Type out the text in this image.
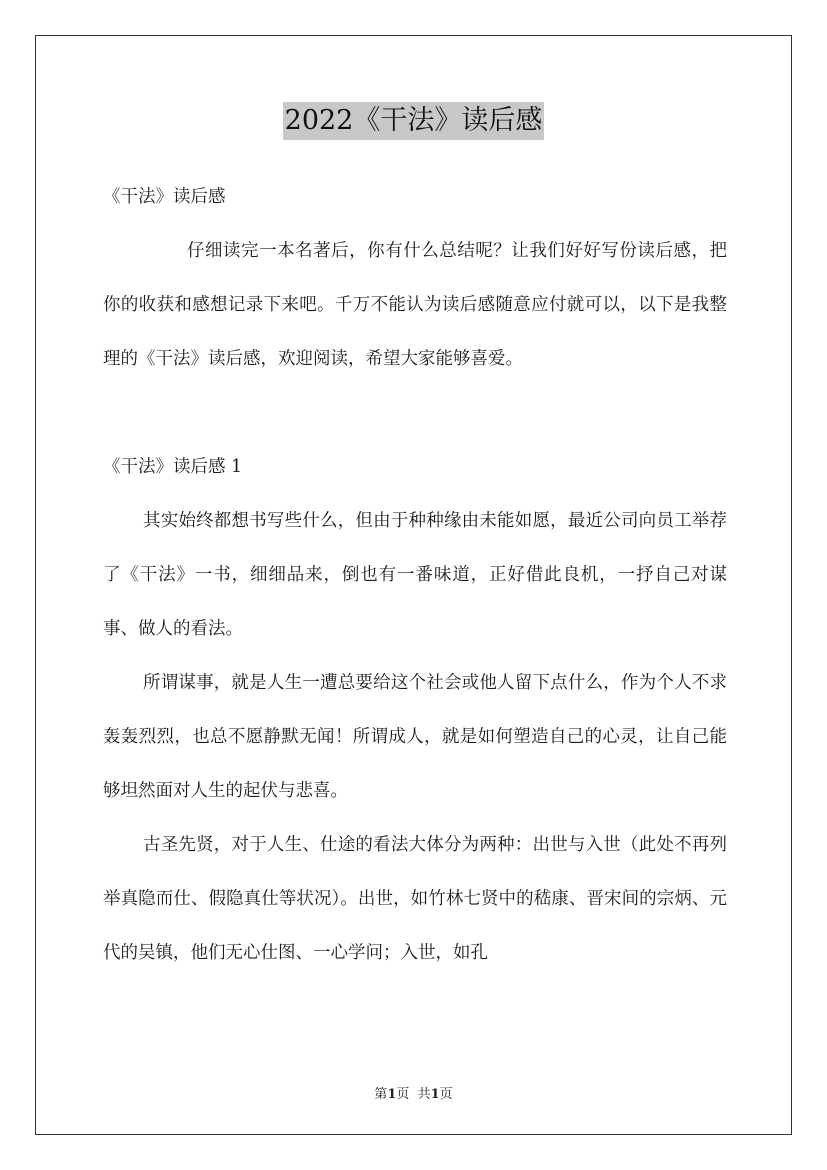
2022《干法》读后感

《干法》读后感

仔细读完一本名著后，你有什么总结呢？让我们好好写份读后感，把你的收获和感想记录下来吧。千万不能认为读后感随意应付就可以，以下是我整理的《干法》读后感，欢迎阅读，希望大家能够喜爱。

《干法》读后感 1

其实始终都想书写些什么，但由于种种缘由未能如愿，最近公司向员工举荐了《干法》一书，细细品来，倒也有一番味道，正好借此良机，一抒自己对谋事、做人的看法。

所谓谋事，就是人生一遭总要给这个社会或他人留下点什么，作为个人不求轰轰烈烈，也总不愿静默无闻！所谓成人，就是如何塑造自己的心灵，让自己能够坦然面对人生的起伏与悲喜。

古圣先贤，对于人生、仕途的看法大体分为两种：出世与入世（此处不再列举真隐而仕、假隐真仕等状况）。出世，如竹林七贤中的嵇康、晋宋间的宗炳、元代的吴镇，他们无心仕图、一心学问；入世，如孔

第1页  共1页
